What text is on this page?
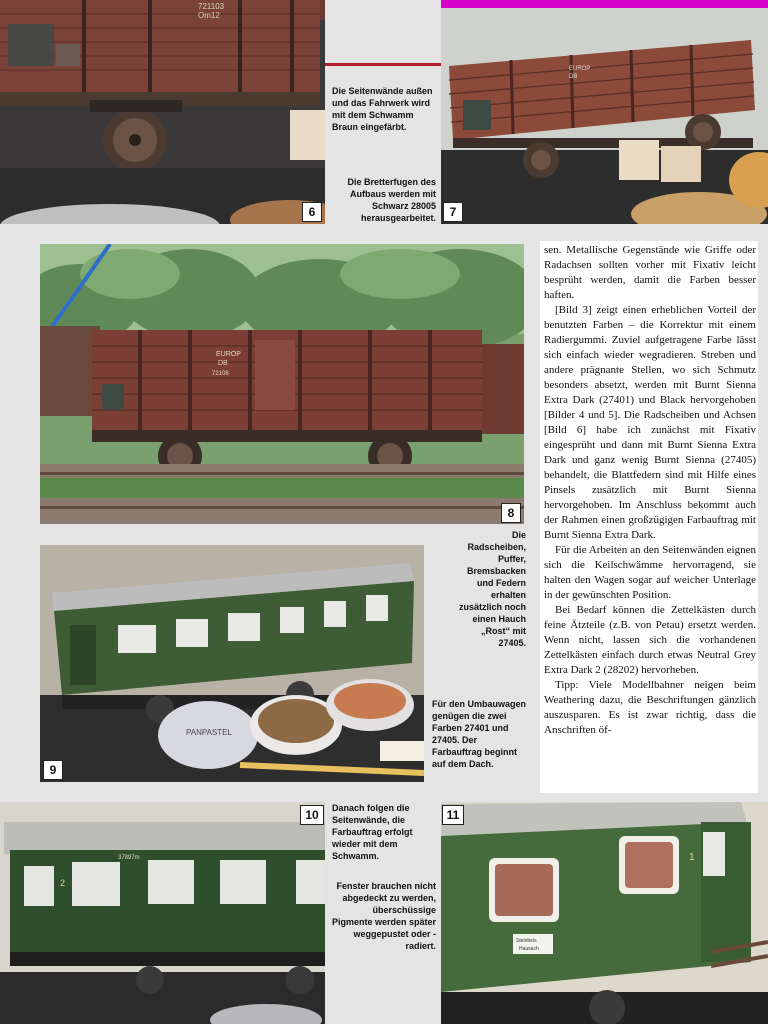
721103
Om12
6

Die Seitenwände außen und das Fahrwerk wird mit dem Schwamm Braun eingefärbt.

Die Bretterfugen des Aufbaus werden mit Schwarz 28005 herausgearbeitet.

EUROP
DB
7
EUROP
DB
72106
8

Die Radscheiben, Puffer, Bremsbacken und Federn erhalten zusätzlich noch einen Hauch „Rost“ mit 27405.

PANPASTEL
9

Für den Umbauwagen genügen die zwei Farben 27401 und 27405. Der Farbauftrag beginnt auf dem Dach.

sen. Metallische Gegenstände wie Griffe oder Radachsen sollten vorher mit Fixativ leicht besprüht werden, damit die Farben besser haften.

[Bild 3] zeigt einen erheblichen Vorteil der benutzten Farben – die Korrektur mit einem Radiergummi. Zuviel aufgetragene Farbe lässt sich einfach wieder wegradieren. Streben und andere prägnante Stellen, wo sich Schmutz besonders absetzt, werden mit Burnt Sienna Extra Dark (27401) und Black hervorgehoben [Bilder 4 und 5]. Die Radscheiben und Achsen [Bild 6] habe ich zunächst mit Fixativ eingesprüht und dann mit Burnt Sienna Extra Dark und ganz wenig Burnt Sienna (27405) behandelt, die Blattfedern sind mit Hilfe eines Pinsels zusätzlich mit Burnt Sienna hervorgehoben. Im Anschluss bekommt auch der Rahmen einen großzügigen Farbauftrag mit Burnt Sienna Extra Dark.

Für die Arbeiten an den Seitenwänden eignen sich die Keilschwämme hervorragend, sie halten den Wagen sogar auf weicher Unterlage in der gewünschten Position.

Bei Bedarf können die Zettelkästen durch feine Ätzteile (z.B. von Petau) ersetzt werden. Wenn nicht, lassen sich die vorhandenen Zettelkästen einfach durch etwas Neutral Grey Extra Dark 2 (28202) hervorheben.

Tipp: Viele Modellbahner neigen beim Weathering dazu, die Beschriftungen gänzlich auszusparen. Es ist zwar richtig, dass die Anschriften öf-

37897m
2
10	Danach folgen die Seitenwände, die Farbauftrag erfolgt wieder mit dem Schwamm.

Fenster brauchen nicht abgedeckt zu werden, überschüssige Pigmente werden später weggepustet oder -radiert.	Steinbeis
Hausach
1
11
